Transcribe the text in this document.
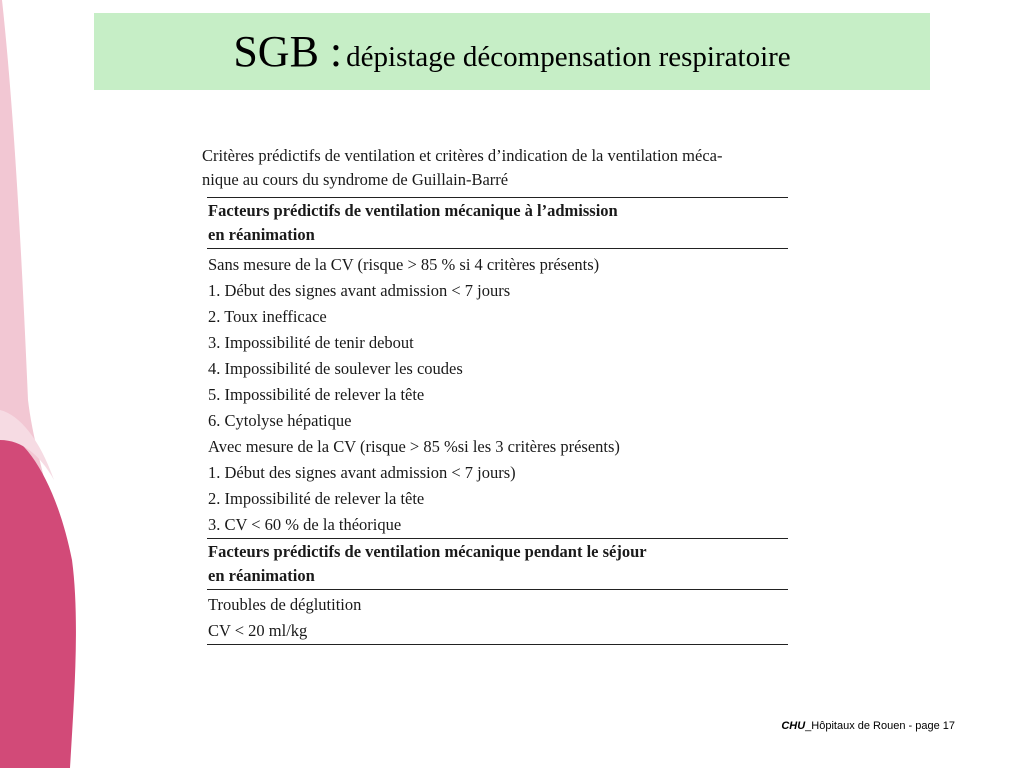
SGB : dépistage décompensation respiratoire
Critères prédictifs de ventilation et critères d’indication de la ventilation méca-
nique au cours du syndrome de Guillain-Barré
Facteurs prédictifs de ventilation mécanique à l’admission
en réanimation
Sans mesure de la CV (risque > 85 % si 4 critères présents)
1. Début des signes avant admission < 7 jours
2. Toux inefficace
3. Impossibilité de tenir debout
4. Impossibilité de soulever les coudes
5. Impossibilité de relever la tête
6. Cytolyse hépatique
Avec mesure de la CV (risque > 85 %si les 3 critères présents)
1. Début des signes avant admission < 7 jours)
2. Impossibilité de relever la tête
3. CV < 60 % de la théorique
Facteurs prédictifs de ventilation mécanique pendant le séjour
en réanimation
Troubles de déglutition
CV < 20 ml/kg
CHU_Hôpitaux de Rouen - page 17
